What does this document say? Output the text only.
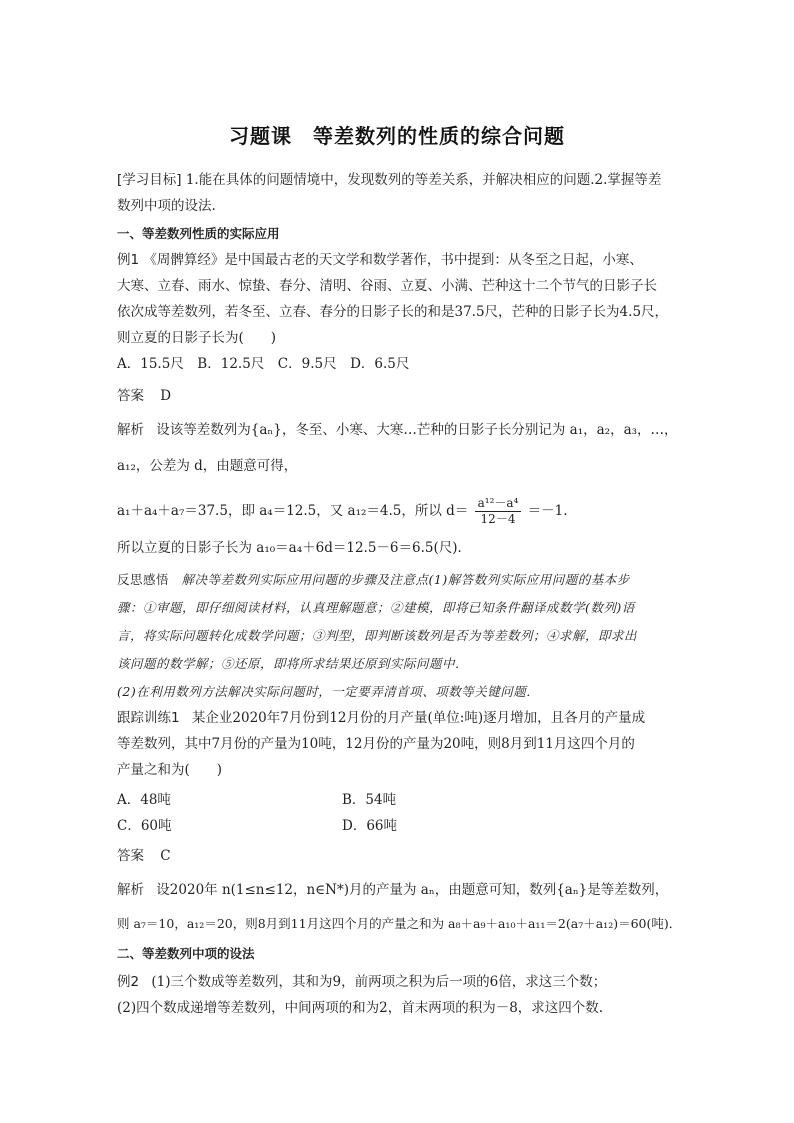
习题课　等差数列的性质的综合问题
[学习目标] 1.能在具体的问题情境中，发现数列的等差关系，并解决相应的问题.2.掌握等差
数列中项的设法.
一、等差数列性质的实际应用
例1 《周髀算经》是中国最古老的天文学和数学著作，书中提到：从冬至之日起，小寒、
大寒、立春、雨水、惊蛰、春分、清明、谷雨、立夏、小满、芒种这十二个节气的日影子长
依次成等差数列，若冬至、立春、春分的日影子长的和是37.5尺，芒种的日影子长为4.5尺，
则立夏的日影子长为(　　)
A．15.5尺　B．12.5尺　C．9.5尺　D．6.5尺
答案 D
解析 设该等差数列为{aₙ}，冬至、小寒、大寒…芒种的日影子长分别记为 a₁，a₂，a₃，…，
a₁₂，公差为 d，由题意可得，
a₁＋a₄＋a₇＝37.5，即 a₄＝12.5，又 a₁₂＝4.5，所以 $d= \frac{\text{a¹²－a⁴}}{12-4} =-1$.
所以立夏的日影子长为 a₁₀＝a₄＋6d＝12.5－6＝6.5(尺)．
反思感悟 解决等差数列实际应用问题的步骤及注意点(1)解答数列实际应用问题的基本步
骤：①审题，即仔细阅读材料，认真理解题意；②建模，即将已知条件翻译成数学(数列)语
言，将实际问题转化成数学问题；③判型，即判断该数列是否为等差数列；④求解，即求出
该问题的数学解；⑤还原，即将所求结果还原到实际问题中．
(2)在利用数列方法解决实际问题时，一定要弄清首项、项数等关键问题．
跟踪训练1 某企业2020年7月份到12月份的月产量(单位:吨)逐月增加，且各月的产量成
等差数列，其中7月份的产量为10吨，12月份的产量为20吨，则8月到11月这四个月的
产量之和为(　　)
A．48吨	B．54吨
C．60吨	D．66吨
答案 C
解析 设2020年 n(1≤n≤12，n∈N*)月的产量为 aₙ，由题意可知，数列{aₙ}是等差数列，
则 a₇＝10，a₁₂＝20，则8月到11月这四个月的产量之和为 a₈＋a₉＋a₁₀＋a₁₁＝2(a₇＋a₁₂)＝60(吨)．
二、等差数列中项的设法
例2 (1)三个数成等差数列，其和为9，前两项之积为后一项的6倍，求这三个数；
(2)四个数成递增等差数列，中间两项的和为2，首末两项的积为－8，求这四个数.
